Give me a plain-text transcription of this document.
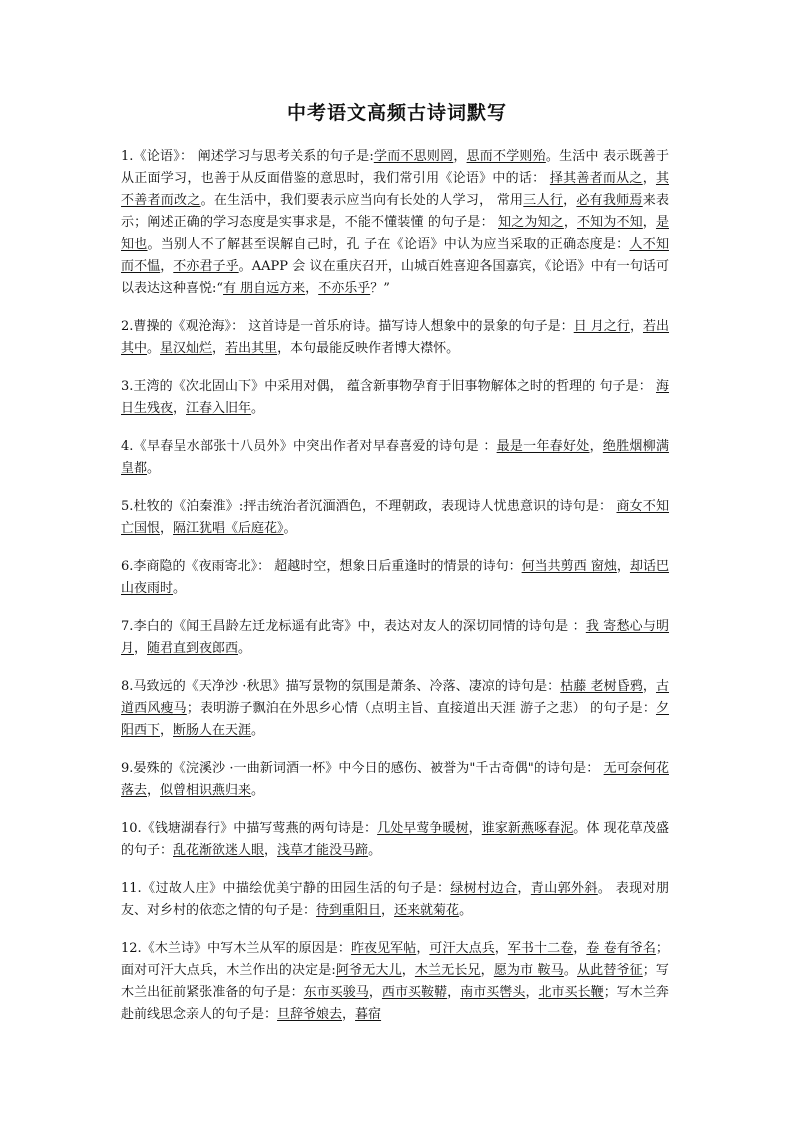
中考语文高频古诗词默写

1.《论语》： 阐述学习与思考关系的句子是:学而不思则罔，思而不学则殆。生活中 表示既善于从正面学习，也善于从反面借鉴的意思时，我们常引用《论语》中的话： 择其善者而从之，其不善者而改之。在生活中，我们要表示应当向有长处的人学习， 常用三人行，必有我师焉来表示；阐述正确的学习态度是实事求是，不能不懂装懂 的句子是： 知之为知之，不知为不知，是知也。当别人不了解甚至误解自己时，孔 子在《论语》中认为应当采取的正确态度是：人不知而不愠，不亦君子乎。AAPP 会 议在重庆召开，山城百姓喜迎各国嘉宾，《论语》中有一句话可以表达这种喜悦:“有 朋自远方来，不亦乐乎？”

2.曹操的《观沧海》： 这首诗是一首乐府诗。描写诗人想象中的景象的句子是：日 月之行，若出其中。星汉灿烂，若出其里，本句最能反映作者博大襟怀。

3.王湾的《次北固山下》中采用对偶， 蕴含新事物孕育于旧事物解体之时的哲理的 句子是： 海日生残夜，江春入旧年。

4.《早春呈水部张十八员外》中突出作者对早春喜爱的诗句是 ：最是一年春好处，绝胜烟柳满皇都。

5.杜牧的《泊秦淮》:抨击统治者沉湎酒色，不理朝政，表现诗人忧患意识的诗句是： 商女不知亡国恨，隔江犹唱《后庭花》。

6.李商隐的《夜雨寄北》： 超越时空，想象日后重逢时的情景的诗句：何当共剪西 窗烛，却话巴山夜雨时。

7.李白的《闻王昌龄左迁龙标遥有此寄》中，表达对友人的深切同情的诗句是 ：我 寄愁心与明月，随君直到夜郎西。

8.马致远的《天净沙 ·秋思》描写景物的氛围是萧条、冷落、凄凉的诗句是：枯藤 老树昏鸦，古道西风瘦马；表明游子飘泊在外思乡心情（点明主旨、直接道出天涯 游子之悲） 的句子是：夕阳西下，断肠人在天涯。

9.晏殊的《浣溪沙 ·一曲新词酒一杯》中今日的感伤、被誉为"千古奇偶"的诗句是： 无可奈何花落去，似曾相识燕归来。

10.《钱塘湖春行》中描写莺燕的两句诗是：几处早莺争暖树，谁家新燕啄春泥。体 现花草茂盛的句子：乱花渐欲迷人眼，浅草才能没马蹄。

11.《过故人庄》中描绘优美宁静的田园生活的句子是：绿树村边合，青山郭外斜。 表现对朋友、对乡村的依恋之情的句子是：待到重阳日，还来就菊花。

12.《木兰诗》中写木兰从军的原因是：昨夜见军帖，可汗大点兵，军书十二卷，卷 卷有爷名；面对可汗大点兵，木兰作出的决定是:阿爷无大儿，木兰无长兄，愿为市 鞍马。从此替爷征；写木兰出征前紧张准备的句子是：东市买骏马，西市买鞍鞯，南市买辔头，北市买长鞭；写木兰奔赴前线思念亲人的句子是：旦辞爷娘去，暮宿
